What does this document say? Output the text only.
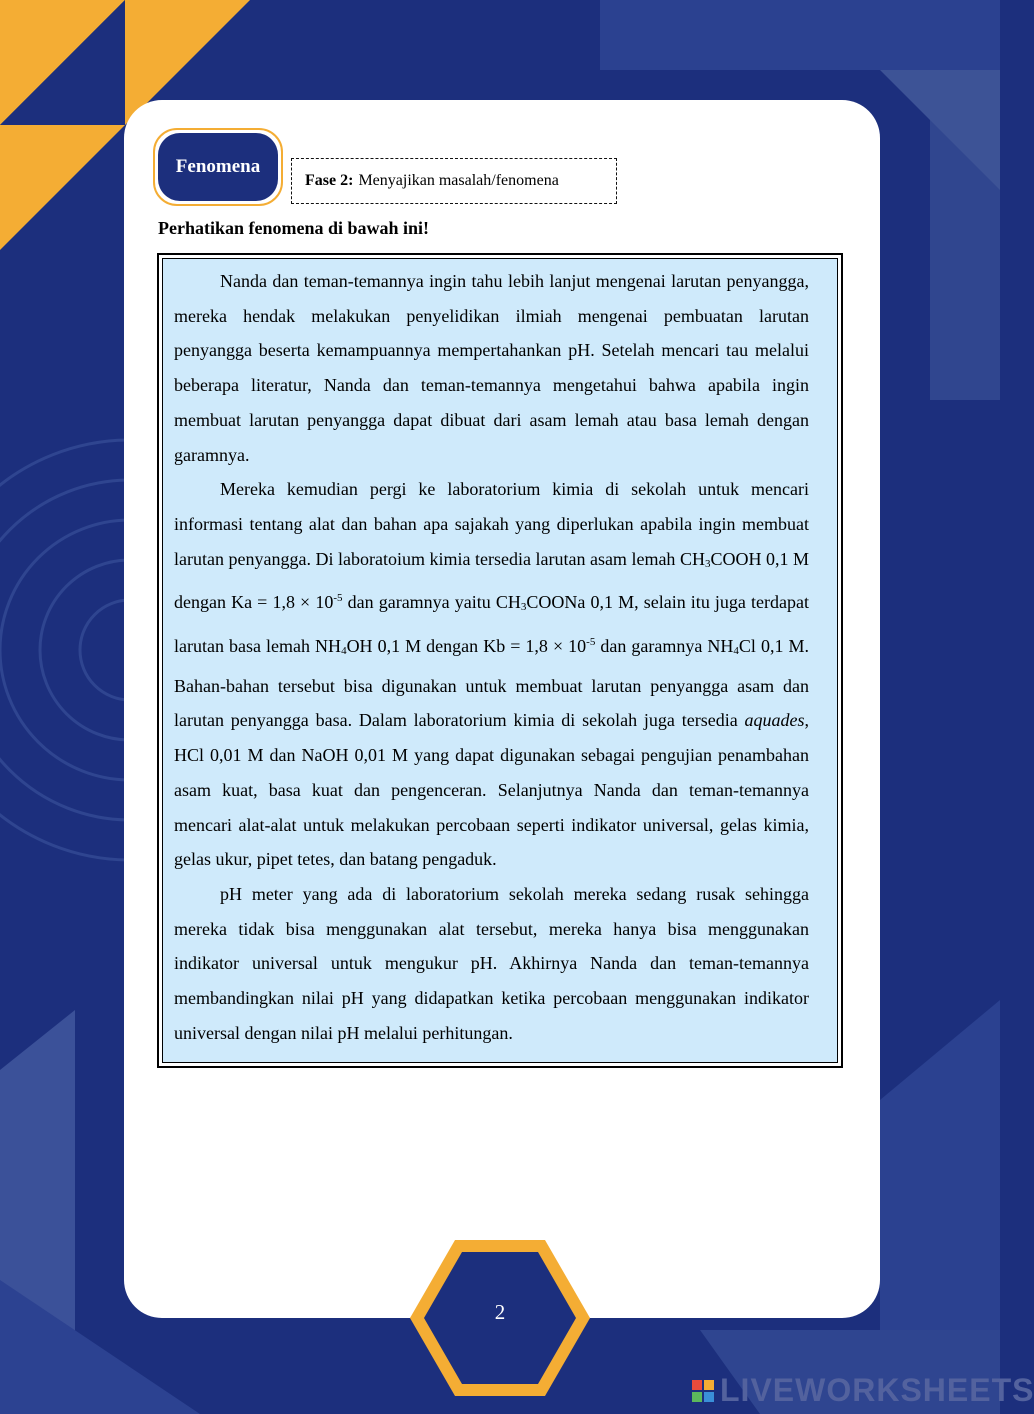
Fenomena
Fase 2: Menyajikan masalah/fenomena
Perhatikan fenomena di bawah ini!

Nanda dan teman-temannya ingin tahu lebih lanjut mengenai larutan penyangga, mereka hendak melakukan penyelidikan ilmiah mengenai pembuatan larutan penyangga beserta kemampuannya mempertahankan pH. Setelah mencari tau melalui beberapa literatur, Nanda dan teman-temannya mengetahui bahwa apabila ingin membuat larutan penyangga dapat dibuat dari asam lemah atau basa lemah dengan garamnya.

Mereka kemudian pergi ke laboratorium kimia di sekolah untuk mencari informasi tentang alat dan bahan apa sajakah yang diperlukan apabila ingin membuat larutan penyangga. Di laboratoium kimia tersedia larutan asam lemah $CH_3COOH$ 0,1 M dengan $Ka = 1,8 \times 10^{-5}$ dan garamnya yaitu $CH_3COONa$ 0,1 M, selain itu juga terdapat larutan basa lemah $NH_4OH$ 0,1 M dengan $Kb = 1,8 \times 10^{-5}$ dan garamnya $NH_4Cl$ 0,1 M. Bahan-bahan tersebut bisa digunakan untuk membuat larutan penyangga asam dan larutan penyangga basa. Dalam laboratorium kimia di sekolah juga tersedia aquades, HCl 0,01 M dan NaOH 0,01 M yang dapat digunakan sebagai pengujian penambahan asam kuat, basa kuat dan pengenceran. Selanjutnya Nanda dan teman-temannya mencari alat-alat untuk melakukan percobaan seperti indikator universal, gelas kimia, gelas ukur, pipet tetes, dan batang pengaduk.

pH meter yang ada di laboratorium sekolah mereka sedang rusak sehingga mereka tidak bisa menggunakan alat tersebut, mereka hanya bisa menggunakan indikator universal untuk mengukur pH. Akhirnya Nanda dan teman-temannya membandingkan nilai pH yang didapatkan ketika percobaan menggunakan indikator universal dengan nilai pH melalui perhitungan.

2
LIVEWORKSHEETS
